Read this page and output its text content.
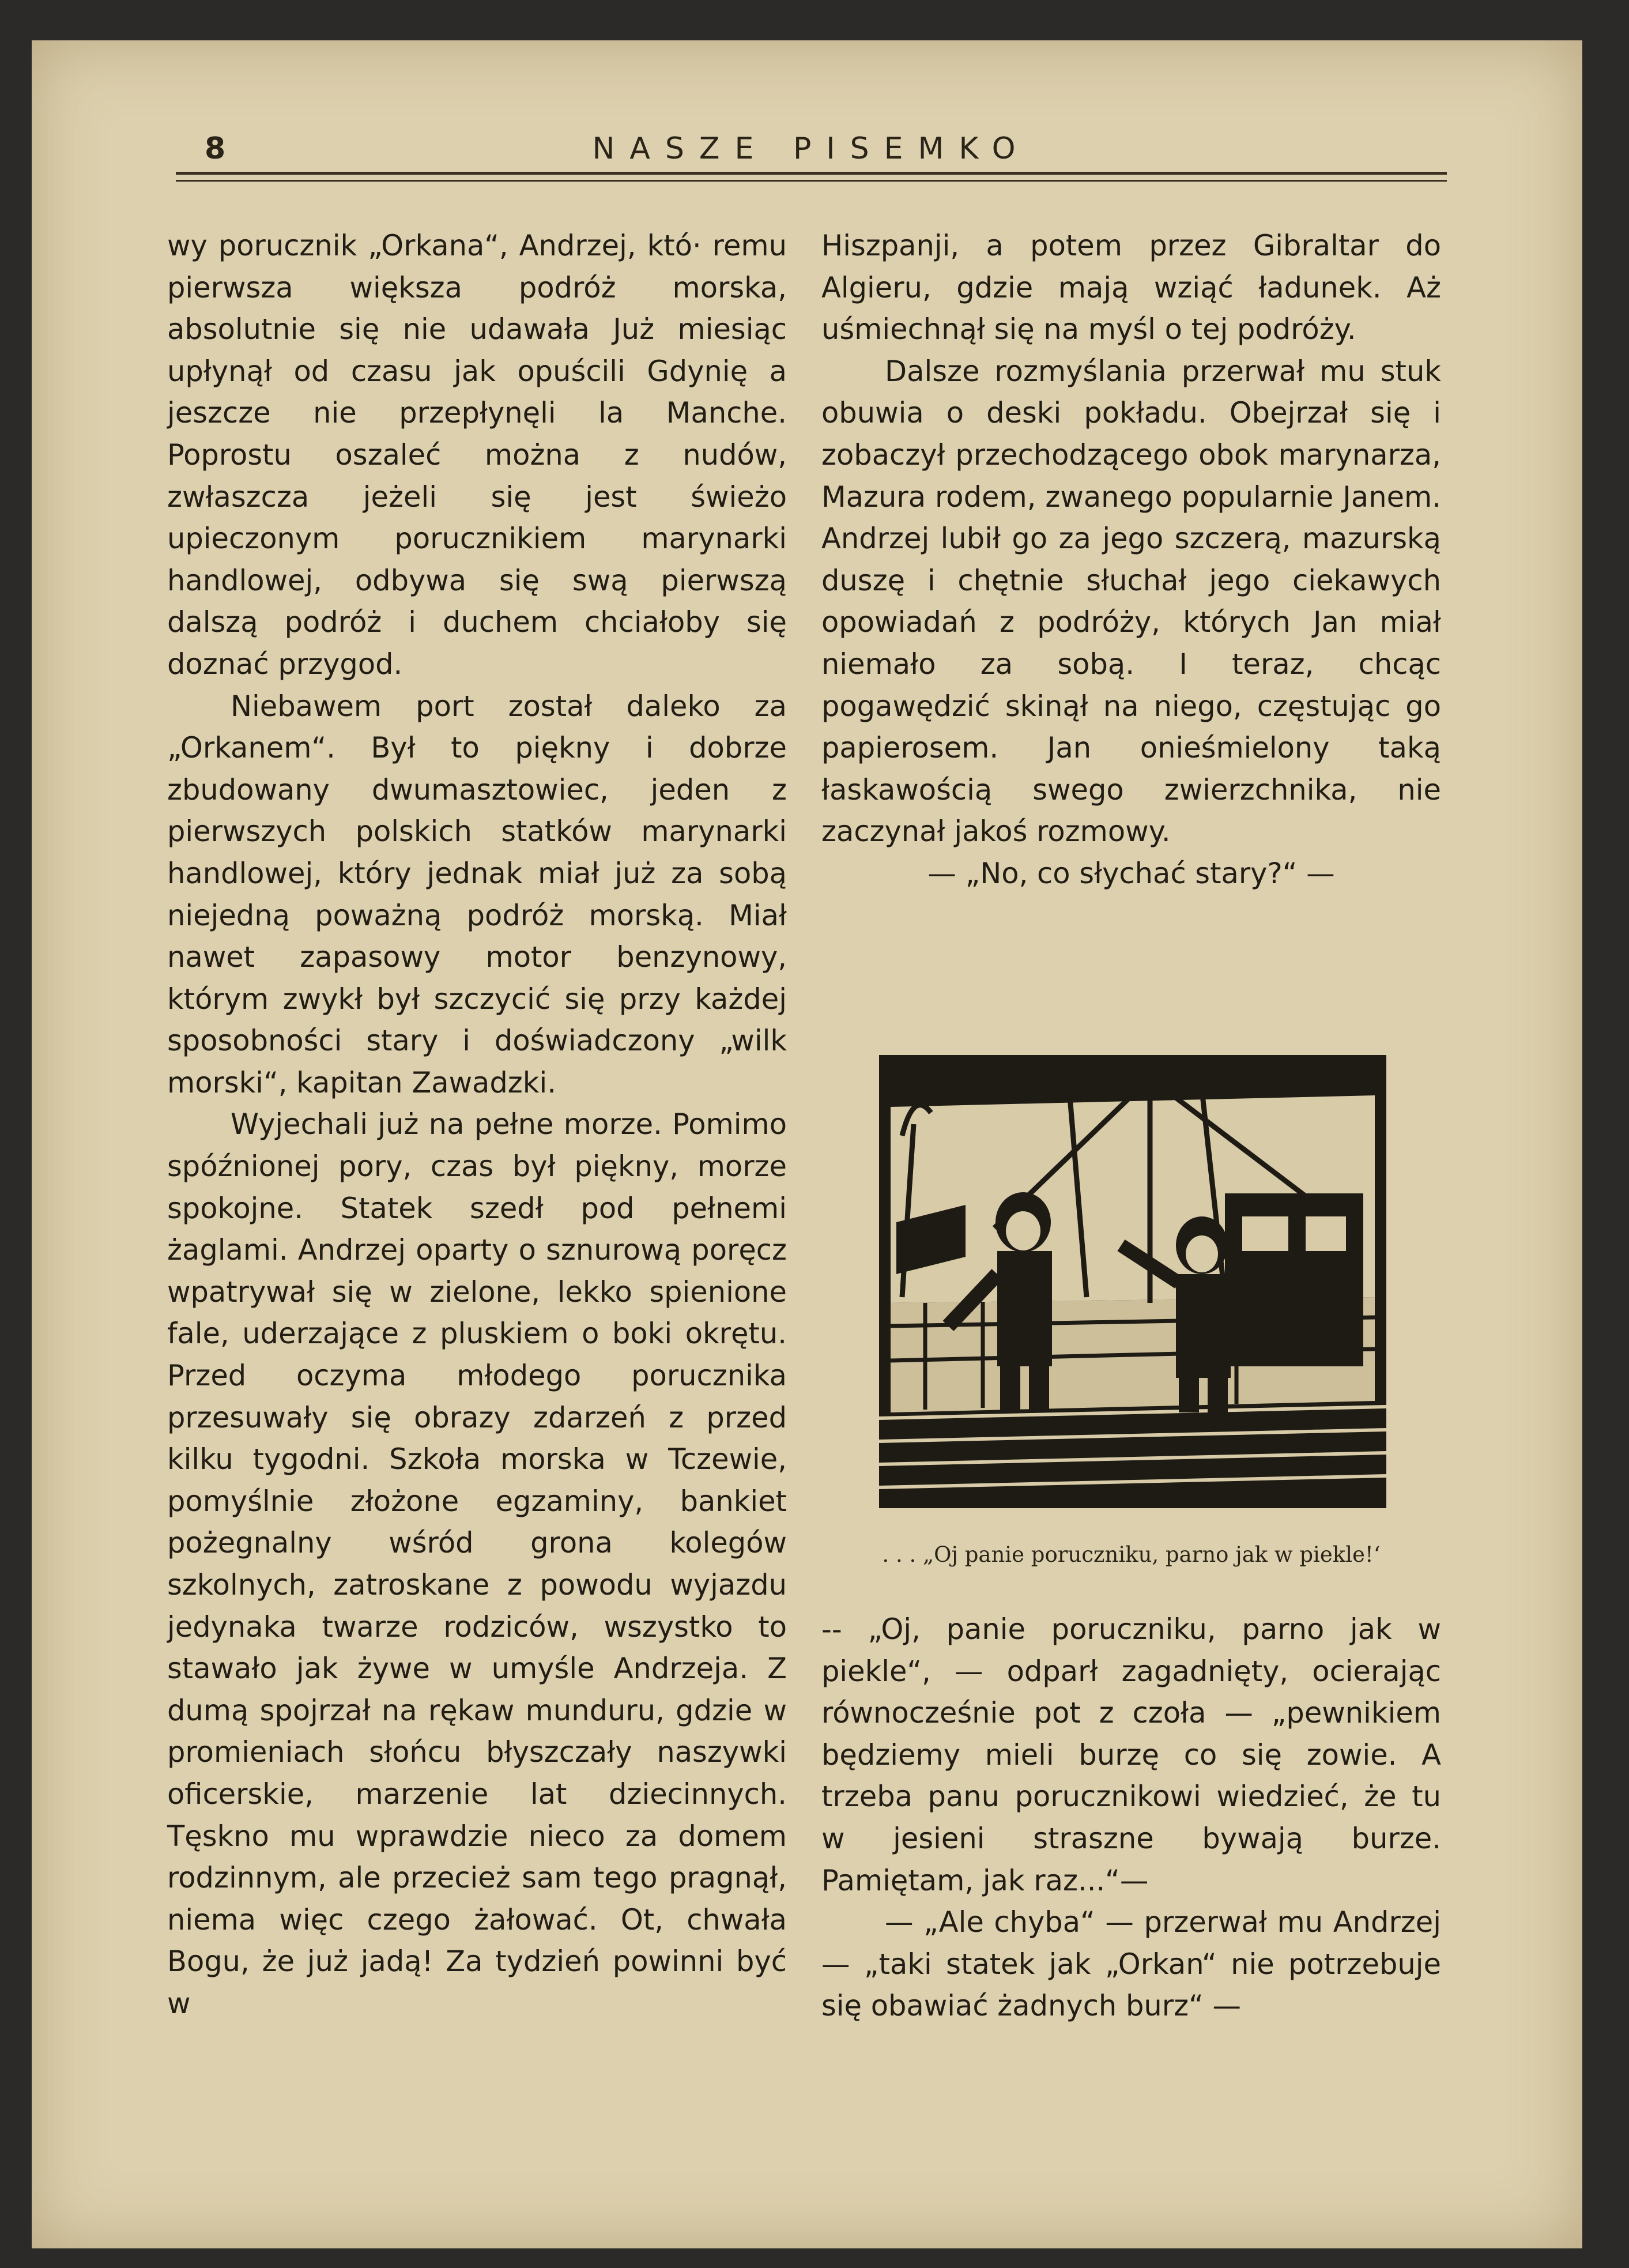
8	NASZE PISEMKO

wy porucznik „Orkana“, Andrzej, któ· remu pierwsza większa podróż morska, absolutnie się nie udawała Już miesiąc upłynął od czasu jak opuścili Gdynię a jeszcze nie przepłynęli la Manche. Poprostu oszaleć można z nudów, zwłaszcza jeżeli się jest świeżo upieczonym porucznikiem marynarki handlowej, odbywa się swą pierwszą dalszą podróż i duchem chciałoby się doznać przygod.

Niebawem port został daleko za „Orkanem“. Był to piękny i dobrze zbudowany dwumasztowiec, jeden z pierwszych polskich statków marynarki handlowej, który jednak miał już za sobą niejedną poważną podróż morską. Miał nawet zapasowy motor benzynowy, którym zwykł był szczycić się przy każdej sposobności stary i doświadczony „wilk morski“, kapitan Zawadzki.

Wyjechali już na pełne morze. Pomimo spóźnionej pory, czas był piękny, morze spokojne. Statek szedł pod pełnemi żaglami. Andrzej oparty o sznurową poręcz wpatrywał się w zielone, lekko spienione fale, uderzające z pluskiem o boki okrętu. Przed oczyma młodego porucznika przesuwały się obrazy zdarzeń z przed kilku tygodni. Szkoła morska w Tczewie, pomyślnie złożone egzaminy, bankiet pożegnalny wśród grona kolegów szkolnych, zatroskane z powodu wyjazdu jedynaka twarze rodziców, wszystko to stawało jak żywe w umyśle Andrzeja. Z dumą spojrzał na rękaw munduru, gdzie w promieniach słońcu błyszczały naszywki oficerskie, marzenie lat dziecinnych. Tęskno mu wprawdzie nieco za domem rodzinnym, ale przecież sam tego pragnął, niema więc czego żałować. Ot, chwała Bogu, że już jadą! Za tydzień powinni być w

Hiszpanji, a potem przez Gibraltar do Algieru, gdzie mają wziąć ładunek. Aż uśmiechnął się na myśl o tej podróży.

Dalsze rozmyślania przerwał mu stuk obuwia o deski pokładu. Obejrzał się i zobaczył przechodzącego obok marynarza, Mazura rodem, zwanego popularnie Janem. Andrzej lubił go za jego szczerą, mazurską duszę i chętnie słuchał jego ciekawych opowiadań z podróży, których Jan miał niemało za sobą. I teraz, chcąc pogawędzić skinął na niego, częstując go papierosem. Jan onieśmielony taką łaskawością swego zwierzchnika, nie zaczynał jakoś rozmowy.

— „No, co słychać stary?“ —

. . . „Oj panie poruczniku, parno jak w piekle!‘

-- „Oj, panie poruczniku, parno jak w piekle“, — odparł zagadnięty, ocierając równocześnie pot z czoła — „pewnikiem będziemy mieli burzę co się zowie. A trzeba panu porucznikowi wiedzieć, że tu w jesieni straszne bywają burze. Pamiętam, jak raz...“—

— „Ale chyba“ — przerwał mu Andrzej — „taki statek jak „Orkan“ nie potrzebuje się obawiać żadnych burz“ —
